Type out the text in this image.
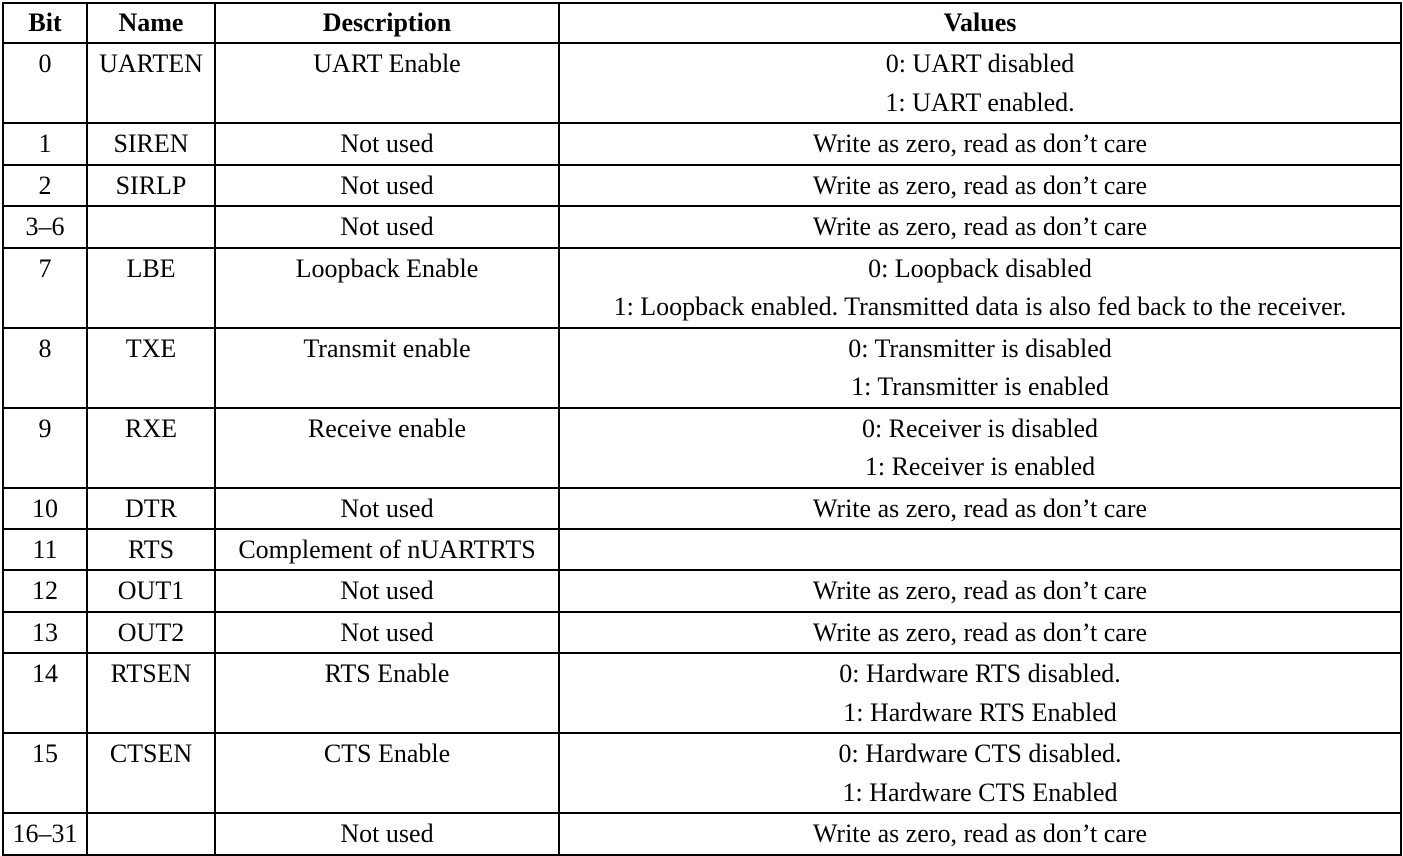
Bit	Name	Description	Values
0	UARTEN	UART Enable	0: UART disabled
1: UART enabled.

1	SIREN	Not used	Write as zero, read as don’t care

2	SIRLP	Not used	Write as zero, read as don’t care

3–6		Not used	Write as zero, read as don’t care

7	LBE	Loopback Enable	0: Loopback disabled
1: Loopback enabled. Transmitted data is also fed back to the receiver.

8	TXE	Transmit enable	0: Transmitter is disabled
1: Transmitter is enabled

9	RXE	Receive enable	0: Receiver is disabled
1: Receiver is enabled

10	DTR	Not used	Write as zero, read as don’t care

11	RTS	Complement of nUARTRTS	
12	OUT1	Not used	Write as zero, read as don’t care

13	OUT2	Not used	Write as zero, read as don’t care

14	RTSEN	RTS Enable	0: Hardware RTS disabled.
1: Hardware RTS Enabled

15	CTSEN	CTS Enable	0: Hardware CTS disabled.
1: Hardware CTS Enabled

16–31		Not used	Write as zero, read as don’t care
